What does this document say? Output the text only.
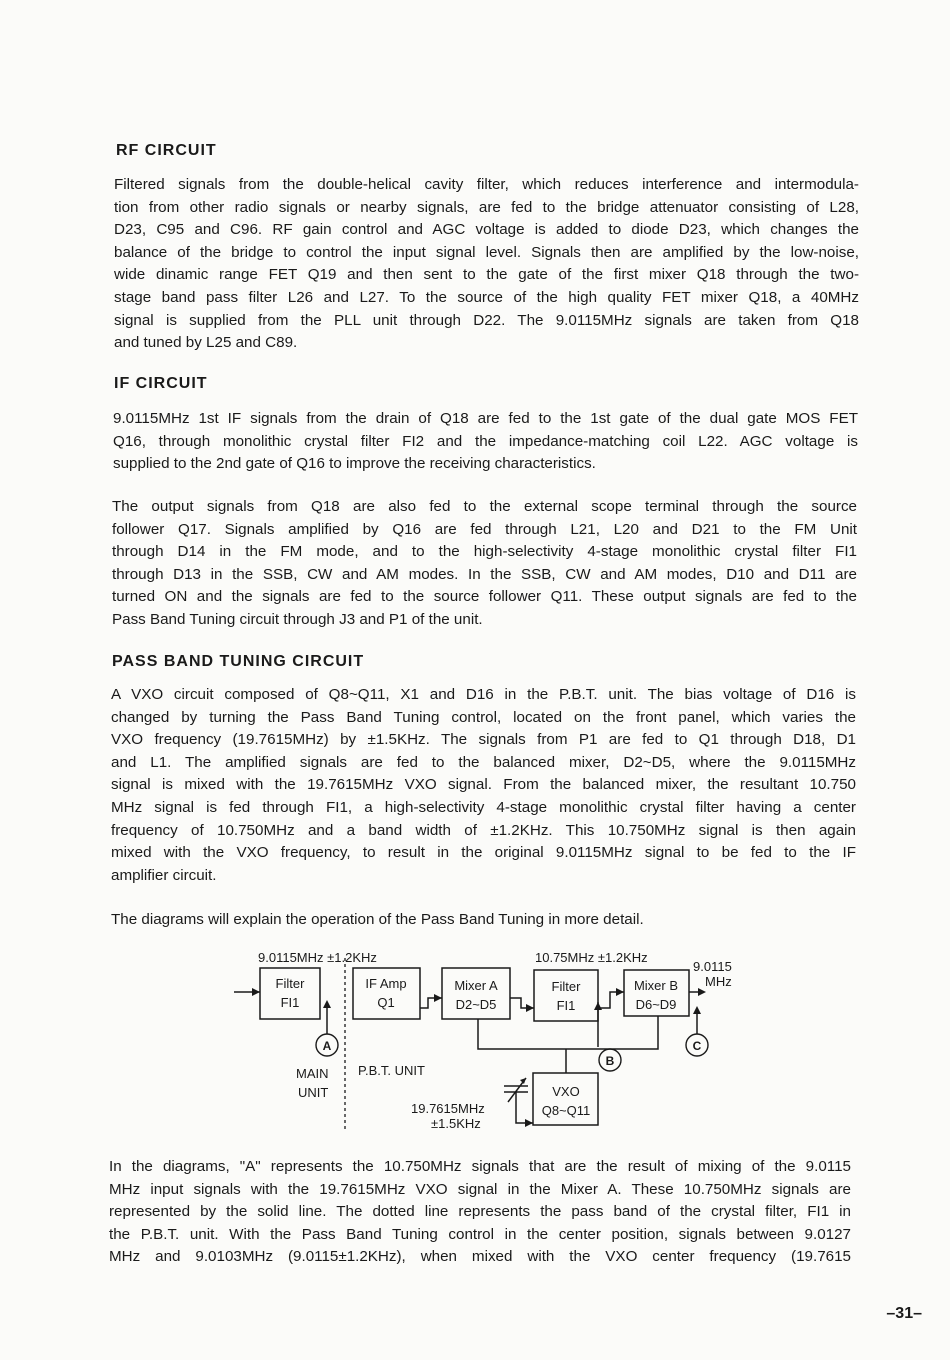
RF CIRCUIT
Filtered signals from the double-helical cavity filter, which reduces interference and intermodula-
tion from other radio signals or nearby signals, are fed to the bridge attenuator consisting of L28,
D23, C95 and C96. RF gain control and AGC voltage is added to diode D23, which changes the
balance of the bridge to control the input signal level. Signals then are amplified by the low-noise,
wide dinamic range FET Q19 and then sent to the gate of the first mixer Q18 through the two-
stage band pass filter L26 and L27. To the source of the high quality FET mixer Q18, a 40MHz
signal is supplied from the PLL unit through D22. The 9.0115MHz signals are taken from Q18
and tuned by L25 and C89.
IF CIRCUIT
9.0115MHz 1st IF signals from the drain of Q18 are fed to the 1st gate of the dual gate MOS FET
Q16, through monolithic crystal filter FI2 and the impedance-matching coil L22. AGC voltage is
supplied to the 2nd gate of Q16 to improve the receiving characteristics.
The output signals from Q18 are also fed to the external scope terminal through the source
follower Q17. Signals amplified by Q16 are fed through L21, L20 and D21 to the FM Unit
through D14 in the FM mode, and to the high-selectivity 4-stage monolithic crystal filter FI1
through D13 in the SSB, CW and AM modes. In the SSB, CW and AM modes, D10 and D11 are
turned ON and the signals are fed to the source follower Q11. These output signals are fed to the
Pass Band Tuning circuit through J3 and P1 of the unit.
PASS BAND TUNING CIRCUIT
A VXO circuit composed of Q8~Q11, X1 and D16 in the P.B.T. unit. The bias voltage of D16 is
changed by turning the Pass Band Tuning control, located on the front panel, which varies the
VXO frequency (19.7615MHz) by ±1.5KHz. The signals from P1 are fed to Q1 through D18, D1
and L1. The amplified signals are fed to the balanced mixer, D2~D5, where the 9.0115MHz
signal is mixed with the 19.7615MHz VXO signal. From the balanced mixer, the resultant 10.750
MHz signal is fed through FI1, a high-selectivity 4-stage monolithic crystal filter having a center
frequency of 10.750MHz and a band width of ±1.2KHz. This 10.750MHz signal is then again
mixed with the VXO frequency, to result in the original 9.0115MHz signal to be fed to the IF
amplifier circuit.

The diagrams will explain the operation of the Pass Band Tuning in more detail.

9.0115MHz ±1.2KHz	10.75MHz ±1.2KHz
9.0115
MHz
Filter
FI1
IF Amp
Q1
Mixer A
D2~D5
Filter
FI1
Mixer B
D6~D9
VXO
Q8~Q11
19.7615MHz
±1.5KHz
MAIN
UNIT
P.B.T. UNIT
A
B
C
In the diagrams, "A" represents the 10.750MHz signals that are the result of mixing of the 9.0115
MHz input signals with the 19.7615MHz VXO signal in the Mixer A. These 10.750MHz signals are
represented by the solid line. The dotted line represents the pass band of the crystal filter, FI1 in
the P.B.T. unit. With the Pass Band Tuning control in the center position, signals between 9.0127
MHz and 9.0103MHz (9.0115±1.2KHz), when mixed with the VXO center frequency (19.7615
–31–
